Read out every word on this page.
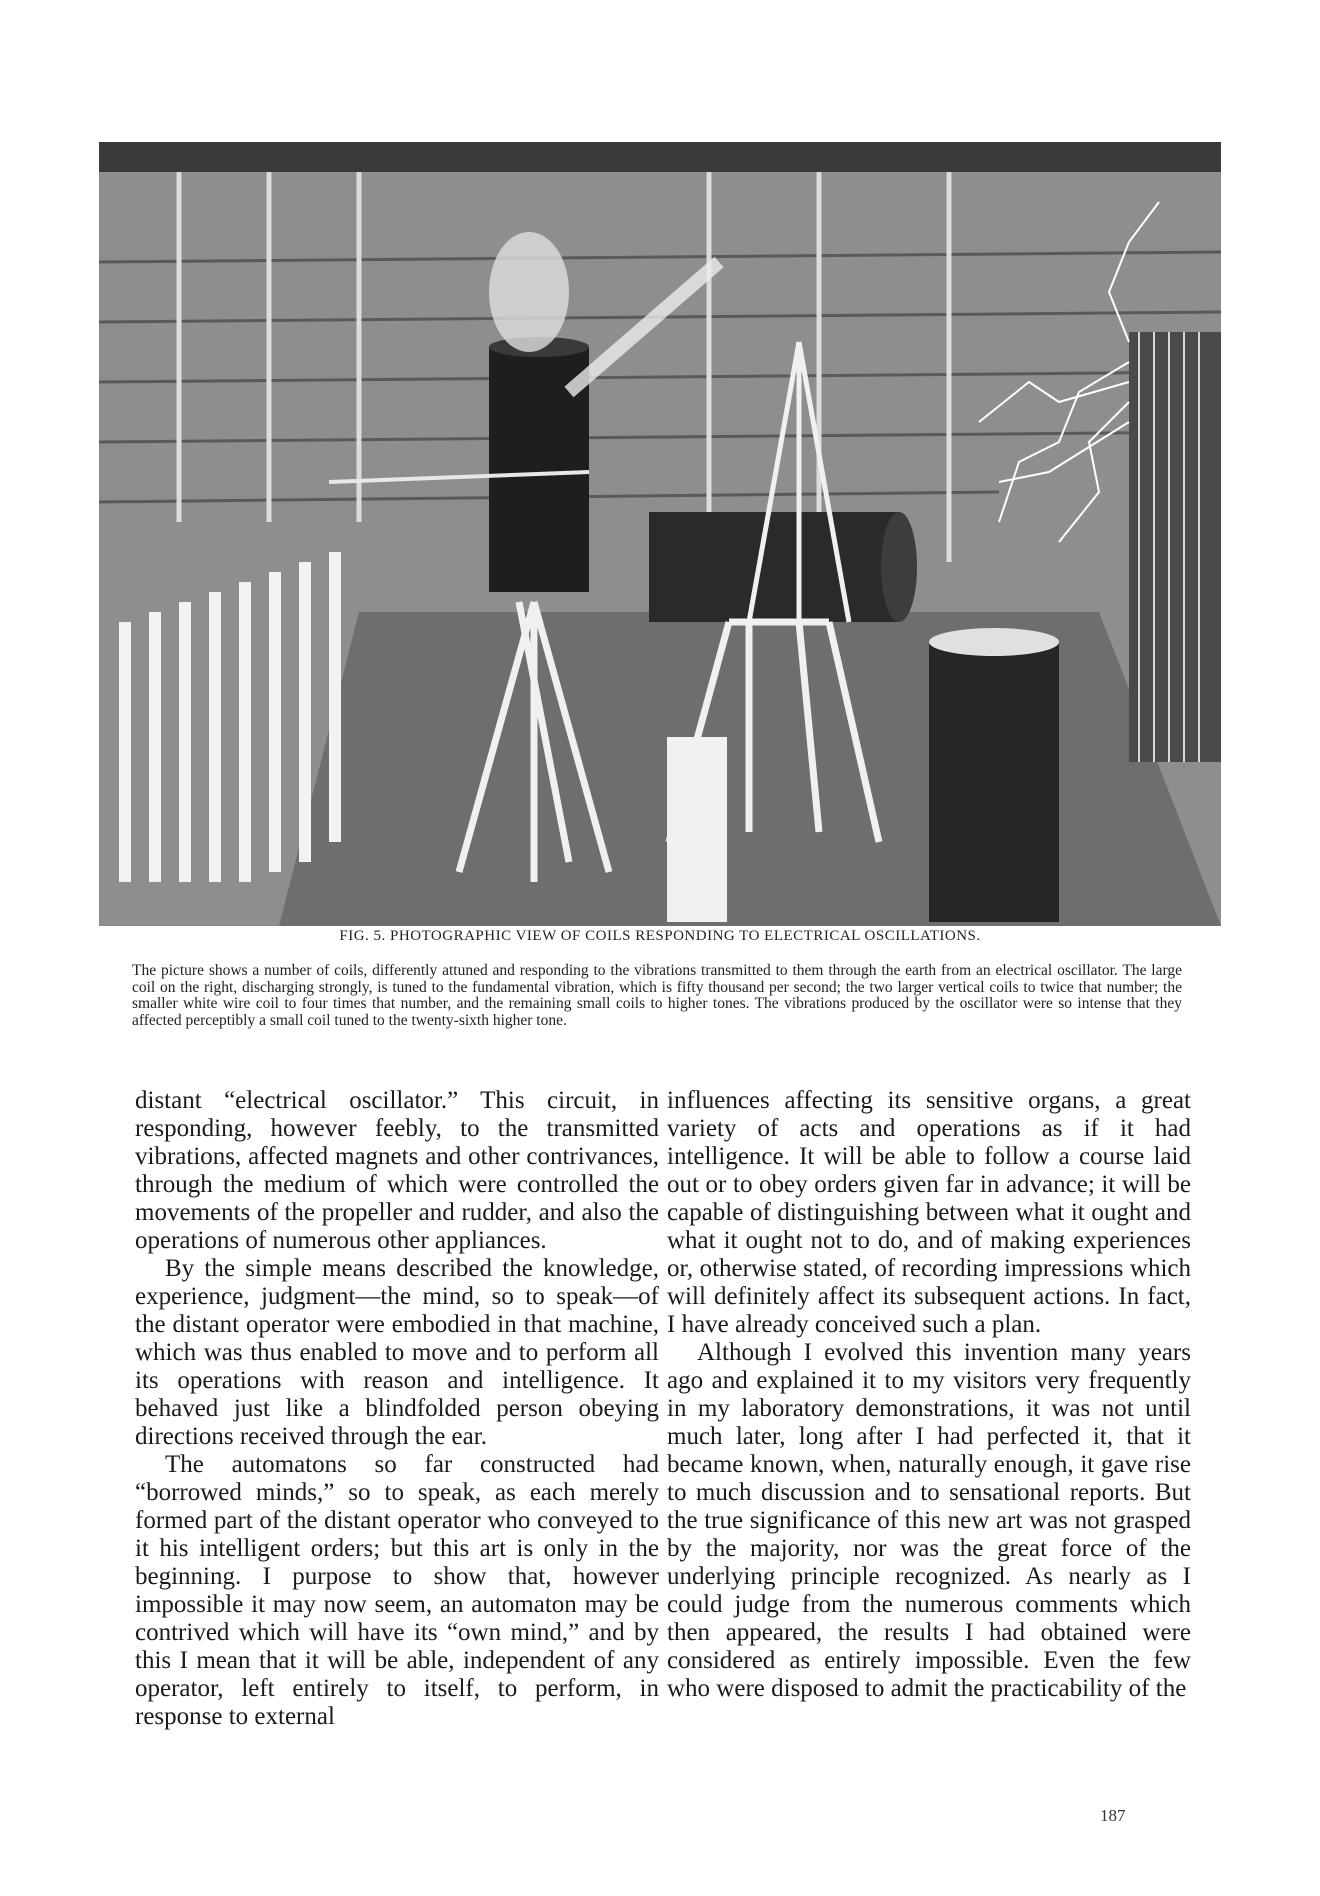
FIG. 5. PHOTOGRAPHIC VIEW OF COILS RESPONDING TO ELECTRICAL OSCILLATIONS.
The picture shows a number of coils, differently attuned and responding to the vibrations transmitted to them through the earth from an electrical oscillator. The large coil on the right, discharging strongly, is tuned to the fundamental vibration, which is fifty thousand per second; the two larger vertical coils to twice that number; the smaller white wire coil to four times that number, and the remaining small coils to higher tones. The vibrations produced by the oscillator were so intense that they affected perceptibly a small coil tuned to the twenty-sixth higher tone.

distant “electrical oscillator.” This circuit, in responding, however feebly, to the transmitted vibrations, affected magnets and other contrivances, through the medium of which were controlled the movements of the propeller and rudder, and also the operations of numerous other appliances.

By the simple means described the knowledge, experience, judgment—the mind, so to speak—of the distant operator were embodied in that machine, which was thus enabled to move and to perform all its operations with reason and intelligence. It behaved just like a blindfolded person obeying directions received through the ear.

The automatons so far constructed had “borrowed minds,” so to speak, as each merely formed part of the distant operator who conveyed to it his intelligent orders; but this art is only in the beginning. I purpose to show that, however impossible it may now seem, an automaton may be contrived which will have its “own mind,” and by this I mean that it will be able, independent of any operator, left entirely to itself, to perform, in response to external

influences affecting its sensitive organs, a great variety of acts and operations as if it had intelligence. It will be able to follow a course laid out or to obey orders given far in advance; it will be capable of distinguishing between what it ought and what it ought not to do, and of making experiences or, otherwise stated, of recording impressions which will definitely affect its subsequent actions. In fact, I have already conceived such a plan.

Although I evolved this invention many years ago and explained it to my visitors very frequently in my laboratory demonstrations, it was not until much later, long after I had perfected it, that it became known, when, naturally enough, it gave rise to much discussion and to sensational reports. But the true significance of this new art was not grasped by the majority, nor was the great force of the underlying principle recognized. As nearly as I could judge from the numerous comments which then appeared, the results I had obtained were considered as entirely impossible. Even the few who were disposed to admit the practicability of the

187
